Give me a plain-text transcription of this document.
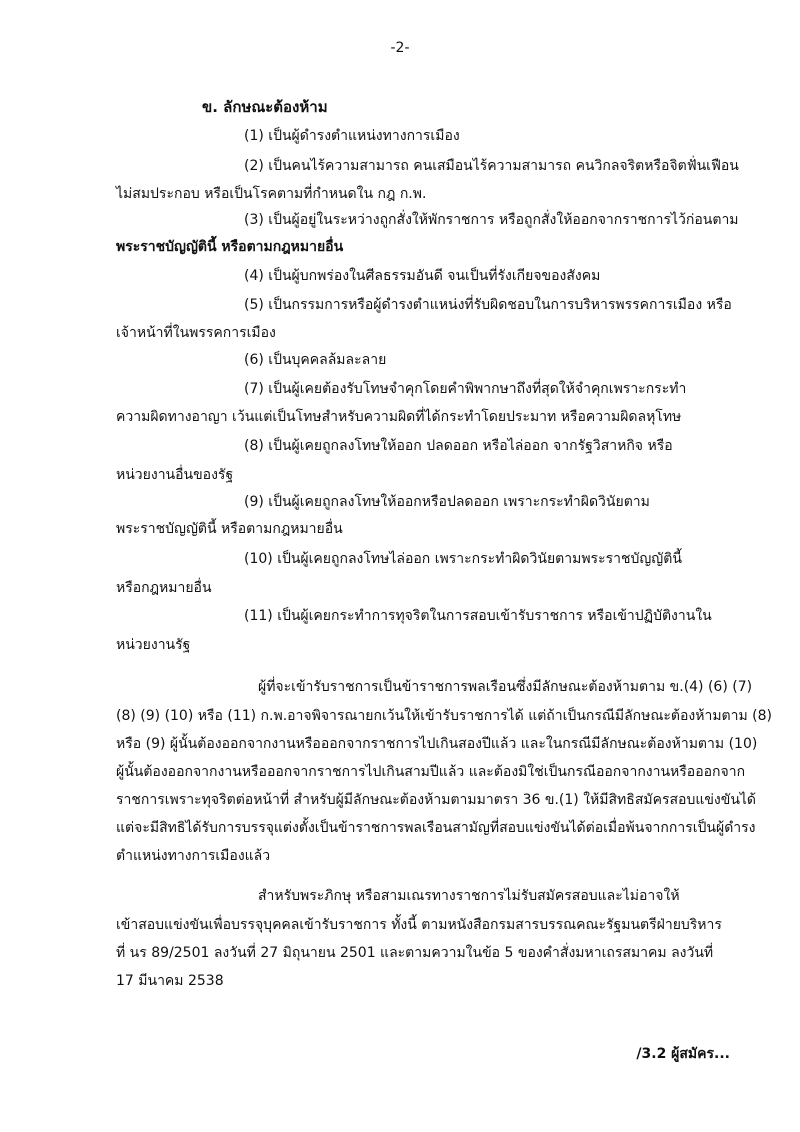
-2-
ข. ลักษณะต้องห้าม
(1) เป็นผู้ดำรงตำแหน่งทางการเมือง
(2) เป็นคนไร้ความสามารถ คนเสมือนไร้ความสามารถ คนวิกลจริตหรือจิตฟั่นเฟือน
ไม่สมประกอบ หรือเป็นโรคตามที่กำหนดใน กฎ ก.พ.
(3) เป็นผู้อยู่ในระหว่างถูกสั่งให้พักราชการ หรือถูกสั่งให้ออกจากราชการไว้ก่อนตาม
พระราชบัญญัตินี้ หรือตามกฎหมายอื่น
(4) เป็นผู้บกพร่องในศีลธรรมอันดี จนเป็นที่รังเกียจของสังคม
(5) เป็นกรรมการหรือผู้ดำรงตำแหน่งที่รับผิดชอบในการบริหารพรรคการเมือง หรือ
เจ้าหน้าที่ในพรรคการเมือง
(6) เป็นบุคคลล้มละลาย
(7) เป็นผู้เคยต้องรับโทษจำคุกโดยคำพิพากษาถึงที่สุดให้จำคุกเพราะกระทำ
ความผิดทางอาญา เว้นแต่เป็นโทษสำหรับความผิดที่ได้กระทำโดยประมาท หรือความผิดลหุโทษ
(8) เป็นผู้เคยถูกลงโทษให้ออก ปลดออก หรือไล่ออก จากรัฐวิสาหกิจ หรือ
หน่วยงานอื่นของรัฐ
(9) เป็นผู้เคยถูกลงโทษให้ออกหรือปลดออก เพราะกระทำผิดวินัยตาม
พระราชบัญญัตินี้ หรือตามกฎหมายอื่น
(10) เป็นผู้เคยถูกลงโทษไล่ออก เพราะกระทำผิดวินัยตามพระราชบัญญัตินี้
หรือกฎหมายอื่น
(11) เป็นผู้เคยกระทำการทุจริตในการสอบเข้ารับราชการ หรือเข้าปฏิบัติงานใน
หน่วยงานรัฐ
ผู้ที่จะเข้ารับราชการเป็นข้าราชการพลเรือนซึ่งมีลักษณะต้องห้ามตาม ข.(4) (6) (7)
(8) (9) (10) หรือ (11) ก.พ.อาจพิจารณายกเว้นให้เข้ารับราชการได้ แต่ถ้าเป็นกรณีมีลักษณะต้องห้ามตาม (8)
หรือ (9) ผู้นั้นต้องออกจากงานหรือออกจากราชการไปเกินสองปีแล้ว และในกรณีมีลักษณะต้องห้ามตาม (10)
ผู้นั้นต้องออกจากงานหรือออกจากราชการไปเกินสามปีแล้ว และต้องมิใช่เป็นกรณีออกจากงานหรือออกจาก
ราชการเพราะทุจริตต่อหน้าที่ สำหรับผู้มีลักษณะต้องห้ามตามมาตรา 36 ข.(1) ให้มีสิทธิสมัครสอบแข่งขันได้
แต่จะมีสิทธิได้รับการบรรจุแต่งตั้งเป็นข้าราชการพลเรือนสามัญที่สอบแข่งขันได้ต่อเมื่อพ้นจากการเป็นผู้ดำรง
ตำแหน่งทางการเมืองแล้ว
สำหรับพระภิกษุ หรือสามเณรทางราชการไม่รับสมัครสอบและไม่อาจให้
เข้าสอบแข่งขันเพื่อบรรจุบุคคลเข้ารับราชการ ทั้งนี้ ตามหนังสือกรมสารบรรณคณะรัฐมนตรีฝ่ายบริหาร
ที่ นร 89/2501 ลงวันที่ 27 มิถุนายน 2501 และตามความในข้อ 5 ของคำสั่งมหาเถรสมาคม ลงวันที่
17 มีนาคม 2538
/3.2 ผู้สมัคร...
